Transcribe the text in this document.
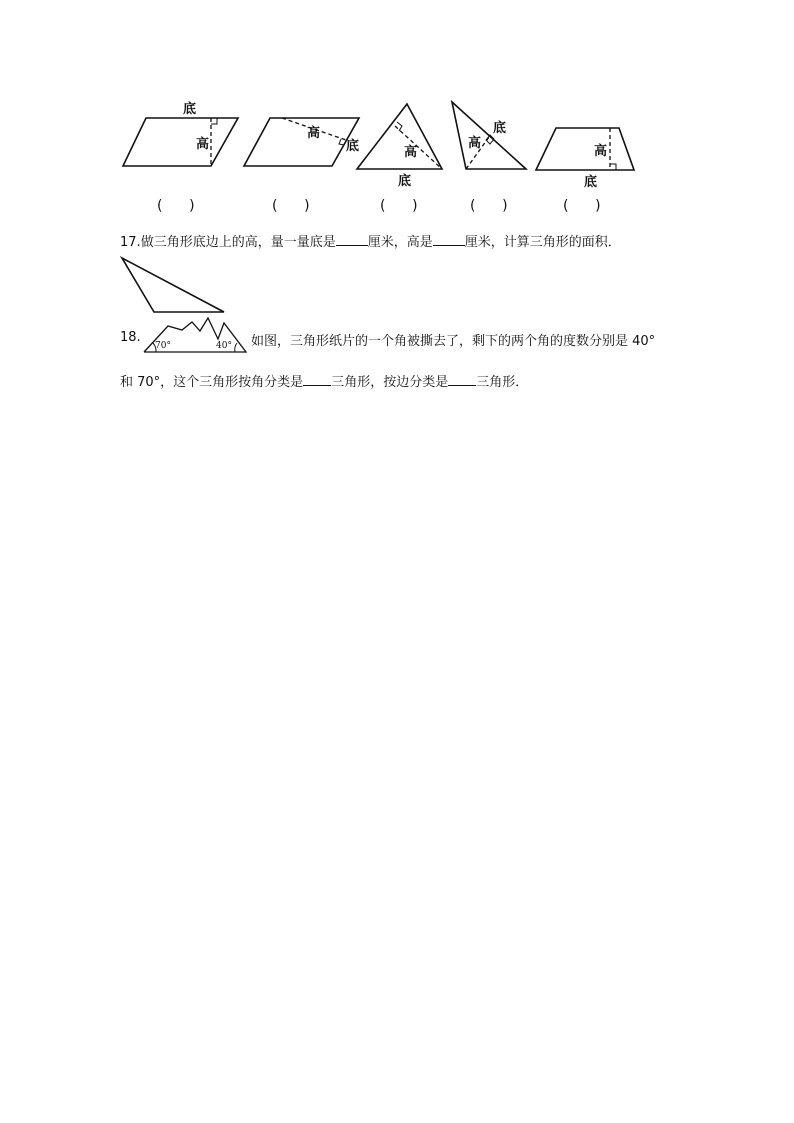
底
高
高
底	高
底
底
高
高
底
(      )	(      )	(      )	(      )	(      )
17.做三角形底边上的高，量一量底是 厘米，高是 厘米，计算三角形的面积．
18.
70°	40° 如图，三角形纸片的一个角被撕去了，剩下的两个角的度数分别是 40°
和 70°，这个三角形按角分类是 三角形，按边分类是 三角形．
